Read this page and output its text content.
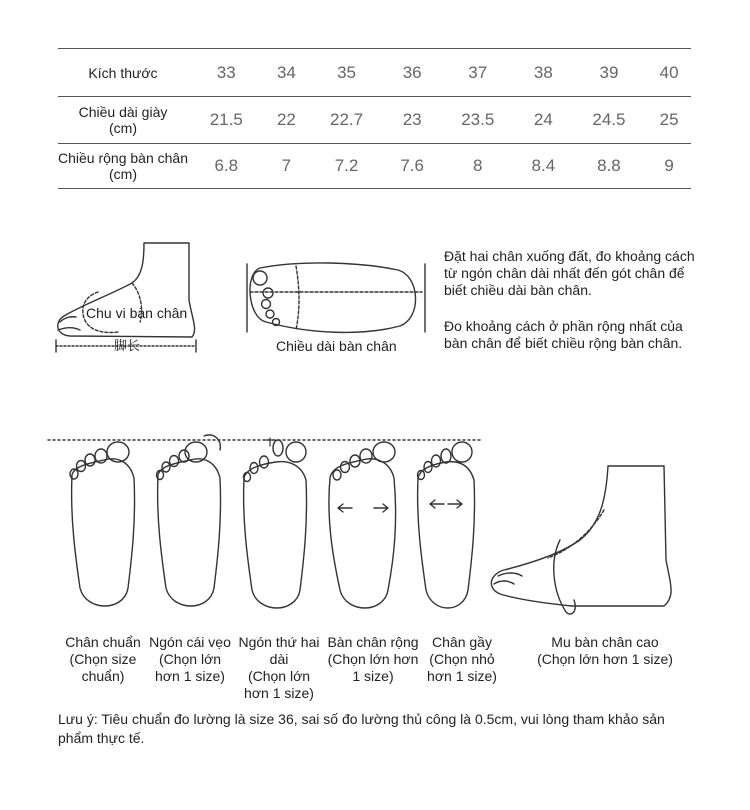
Kích thước	33	34	35	36	37	38	39	40
Chiều dài giày
(cm)	21.5	22	22.7	23	23.5	24	24.5	25
Chiều rộng bàn chân
(cm)	6.8	7	7.2	7.6	8	8.4	8.8	9
Chu vi bàn chân
脚长	Chiều dài bàn chân
Đặt hai chân xuống đất, đo khoảng cách từ ngón chân dài nhất đến gót chân để biết chiều dài bàn chân.
Đo khoảng cách ở phần rộng nhất của bàn chân để biết chiều rộng bàn chân.
Chân chuẩn
(Chọn size chuẩn)
Ngón cái vẹo
(Chọn lớn hơn 1 size)
Ngón thứ hai dài
(Chọn lớn hơn 1 size)
Bàn chân rộng
(Chọn lớn hơn 1 size)
Chân gầy
(Chọn nhỏ hơn 1 size)
Mu bàn chân cao
(Chọn lớn hơn 1 size)
Lưu ý: Tiêu chuẩn đo lường là size 36, sai số đo lường thủ công là 0.5cm, vui lòng tham khảo sản phẩm thực tế.
